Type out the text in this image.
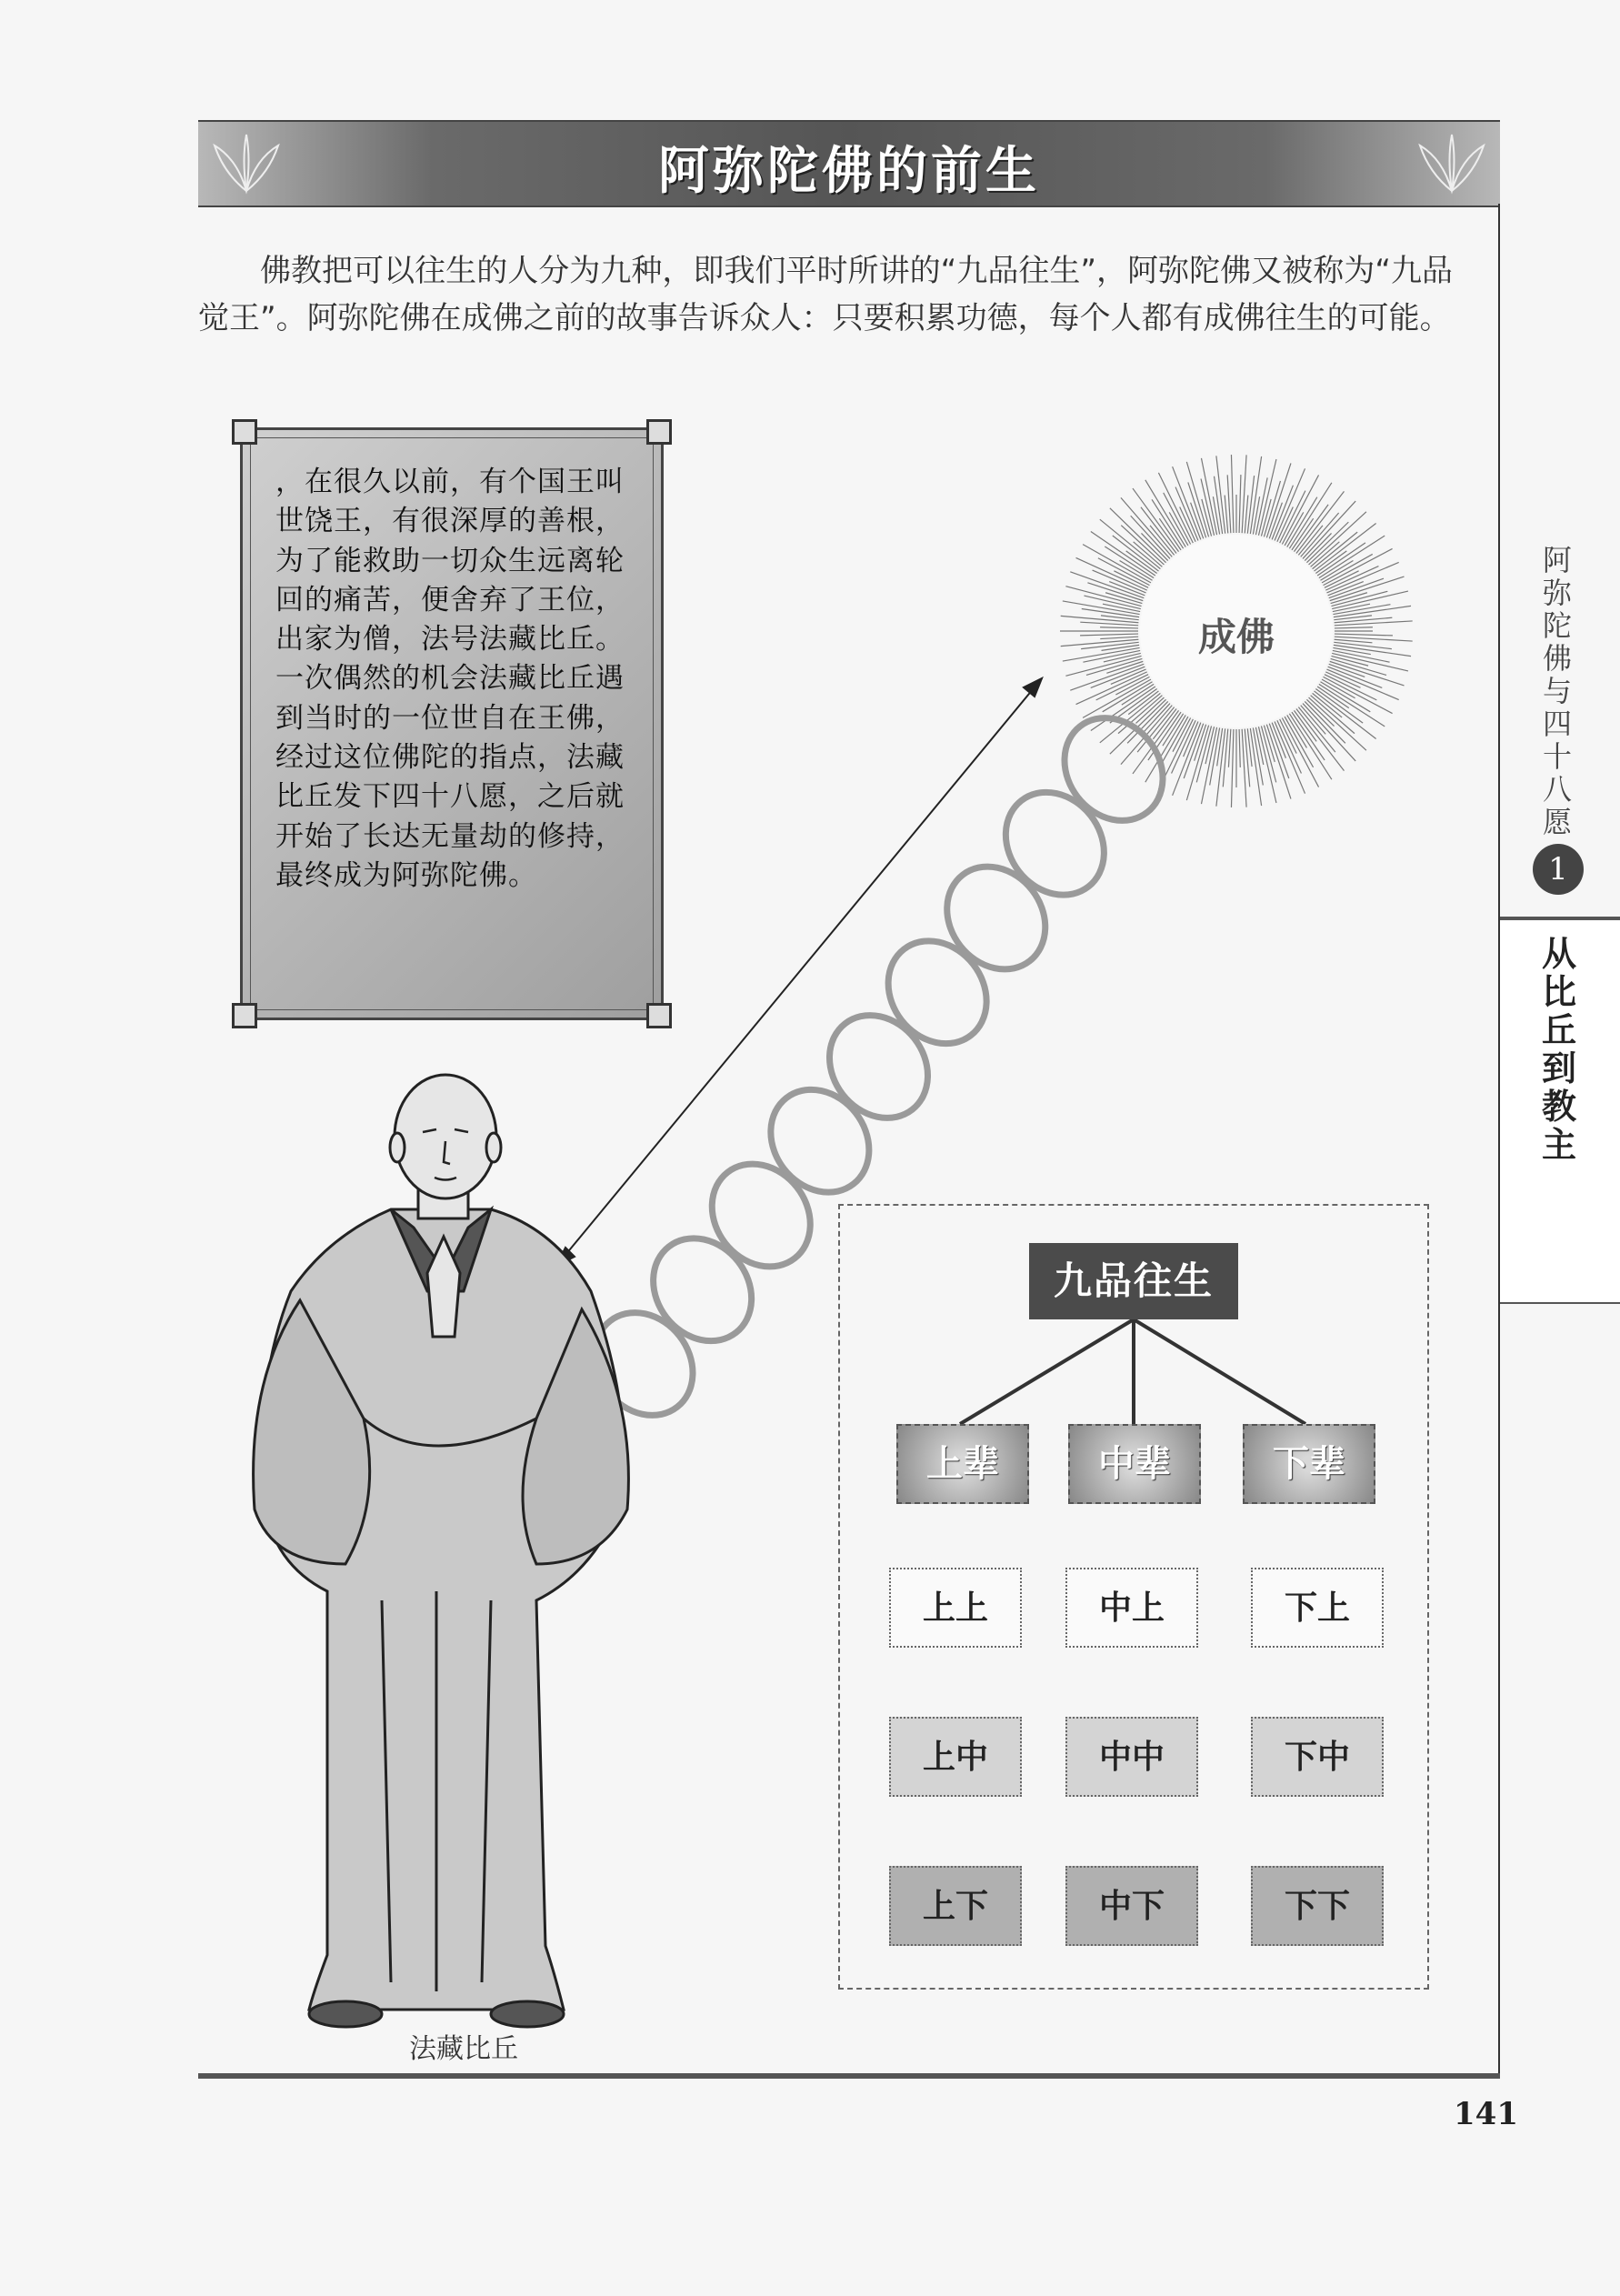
阿弥陀佛的前生

佛教把可以往生的人分为九种，即我们平时所讲的“九品往生”，阿弥陀佛又被称为“九品觉王”。阿弥陀佛在成佛之前的故事告诉众人：只要积累功德，每个人都有成佛往生的可能。

阿弥陀佛与四十八愿
1
从比丘到教主
，在很久以前，有个国王叫世饶王，有很深厚的善根，为了能救助一切众生远离轮回的痛苦，便舍弃了王位，出家为僧，法号法藏比丘。一次偶然的机会法藏比丘遇到当时的一位世自在王佛，经过这位佛陀的指点，法藏比丘发下四十八愿，之后就开始了长达无量劫的修持，最终成为阿弥陀佛。
成佛
九品往生
上辈	中辈	下辈
上上	中上	下上
上中	中中	下中
上下	中下	下下
法藏比丘
141
